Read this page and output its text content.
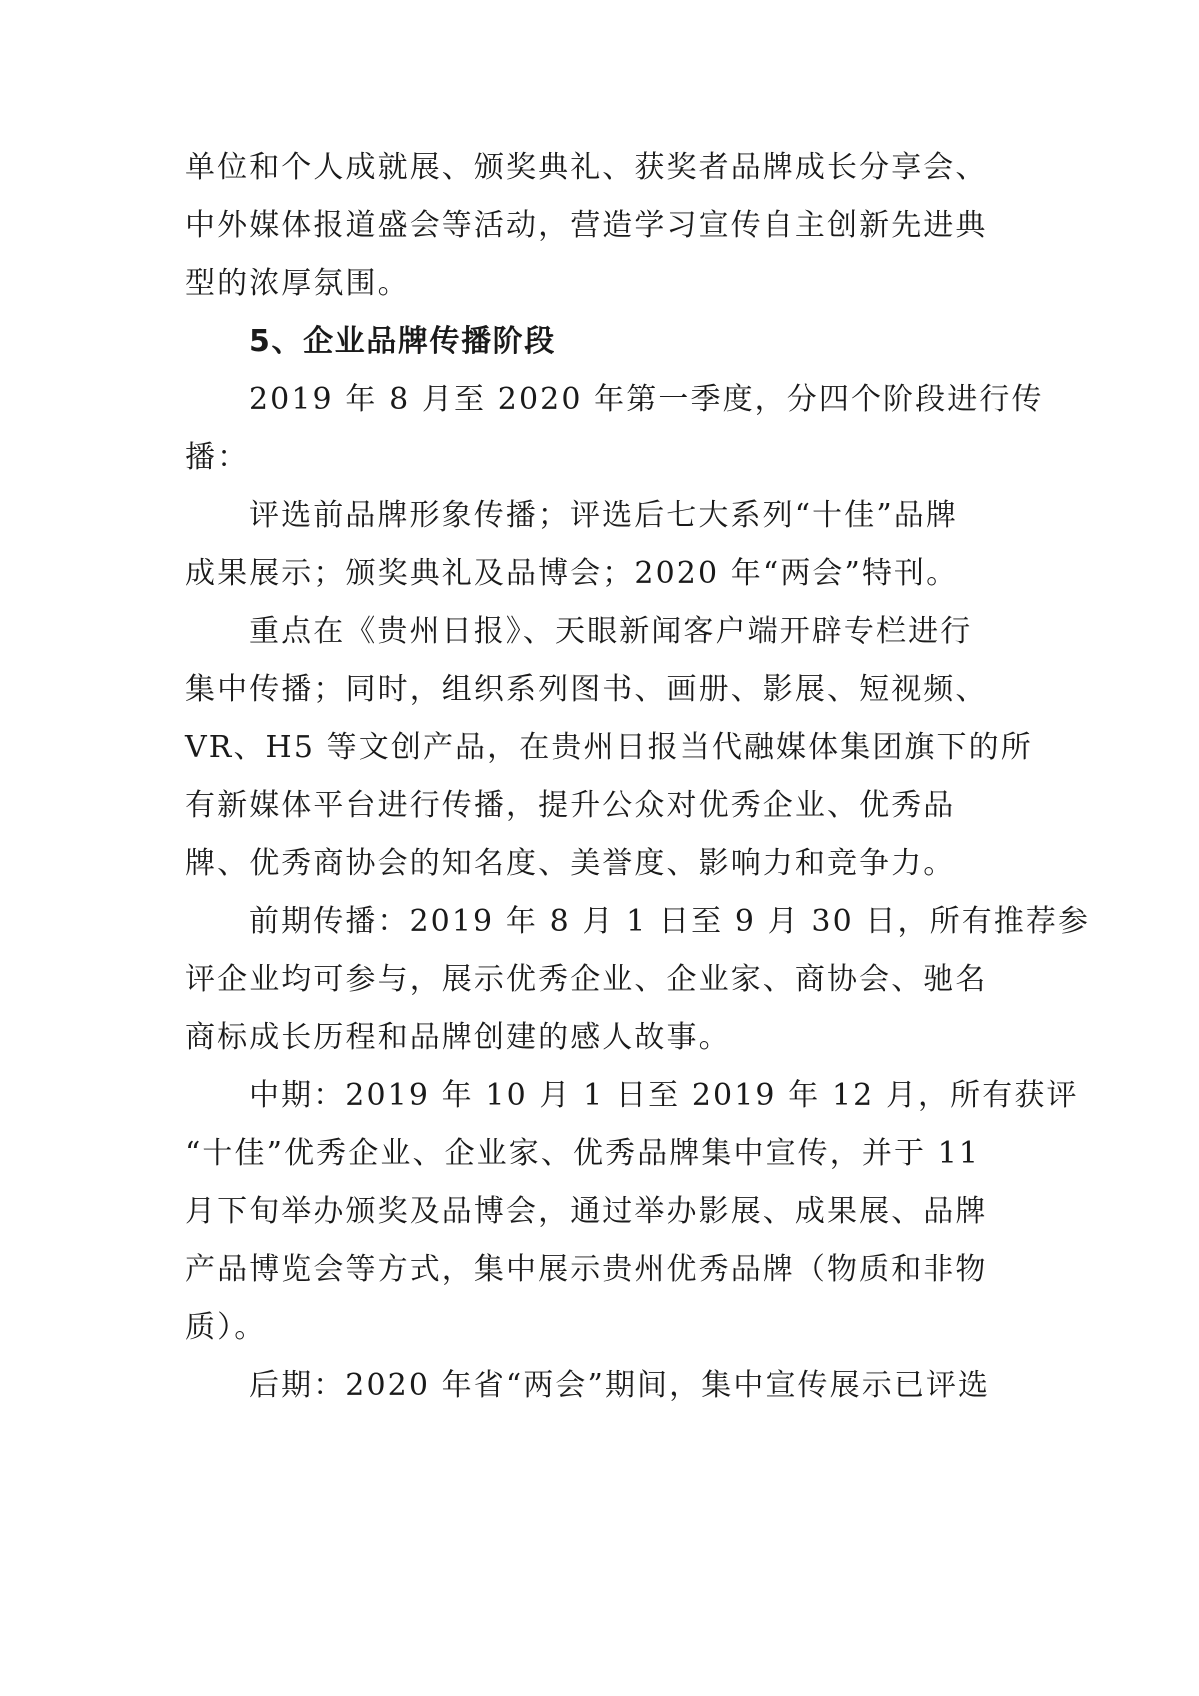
单位和个人成就展、颁奖典礼、获奖者品牌成长分享会、
中外媒体报道盛会等活动，营造学习宣传自主创新先进典
型的浓厚氛围。
5、企业品牌传播阶段
2019 年 8 月至 2020 年第一季度，分四个阶段进行传
播：
评选前品牌形象传播；评选后七大系列“十佳”品牌
成果展示；颁奖典礼及品博会；2020 年“两会”特刊。
重点在《贵州日报》、天眼新闻客户端开辟专栏进行
集中传播；同时，组织系列图书、画册、影展、短视频、
VR、H5 等文创产品，在贵州日报当代融媒体集团旗下的所
有新媒体平台进行传播，提升公众对优秀企业、优秀品
牌、优秀商协会的知名度、美誉度、影响力和竞争力。
前期传播：2019 年 8 月 1 日至 9 月 30 日，所有推荐参
评企业均可参与，展示优秀企业、企业家、商协会、驰名
商标成长历程和品牌创建的感人故事。
中期：2019 年 10 月 1 日至 2019 年 12 月，所有获评
“十佳”优秀企业、企业家、优秀品牌集中宣传，并于 11
月下旬举办颁奖及品博会，通过举办影展、成果展、品牌
产品博览会等方式，集中展示贵州优秀品牌（物质和非物
质）。
后期：2020 年省“两会”期间，集中宣传展示已评选
